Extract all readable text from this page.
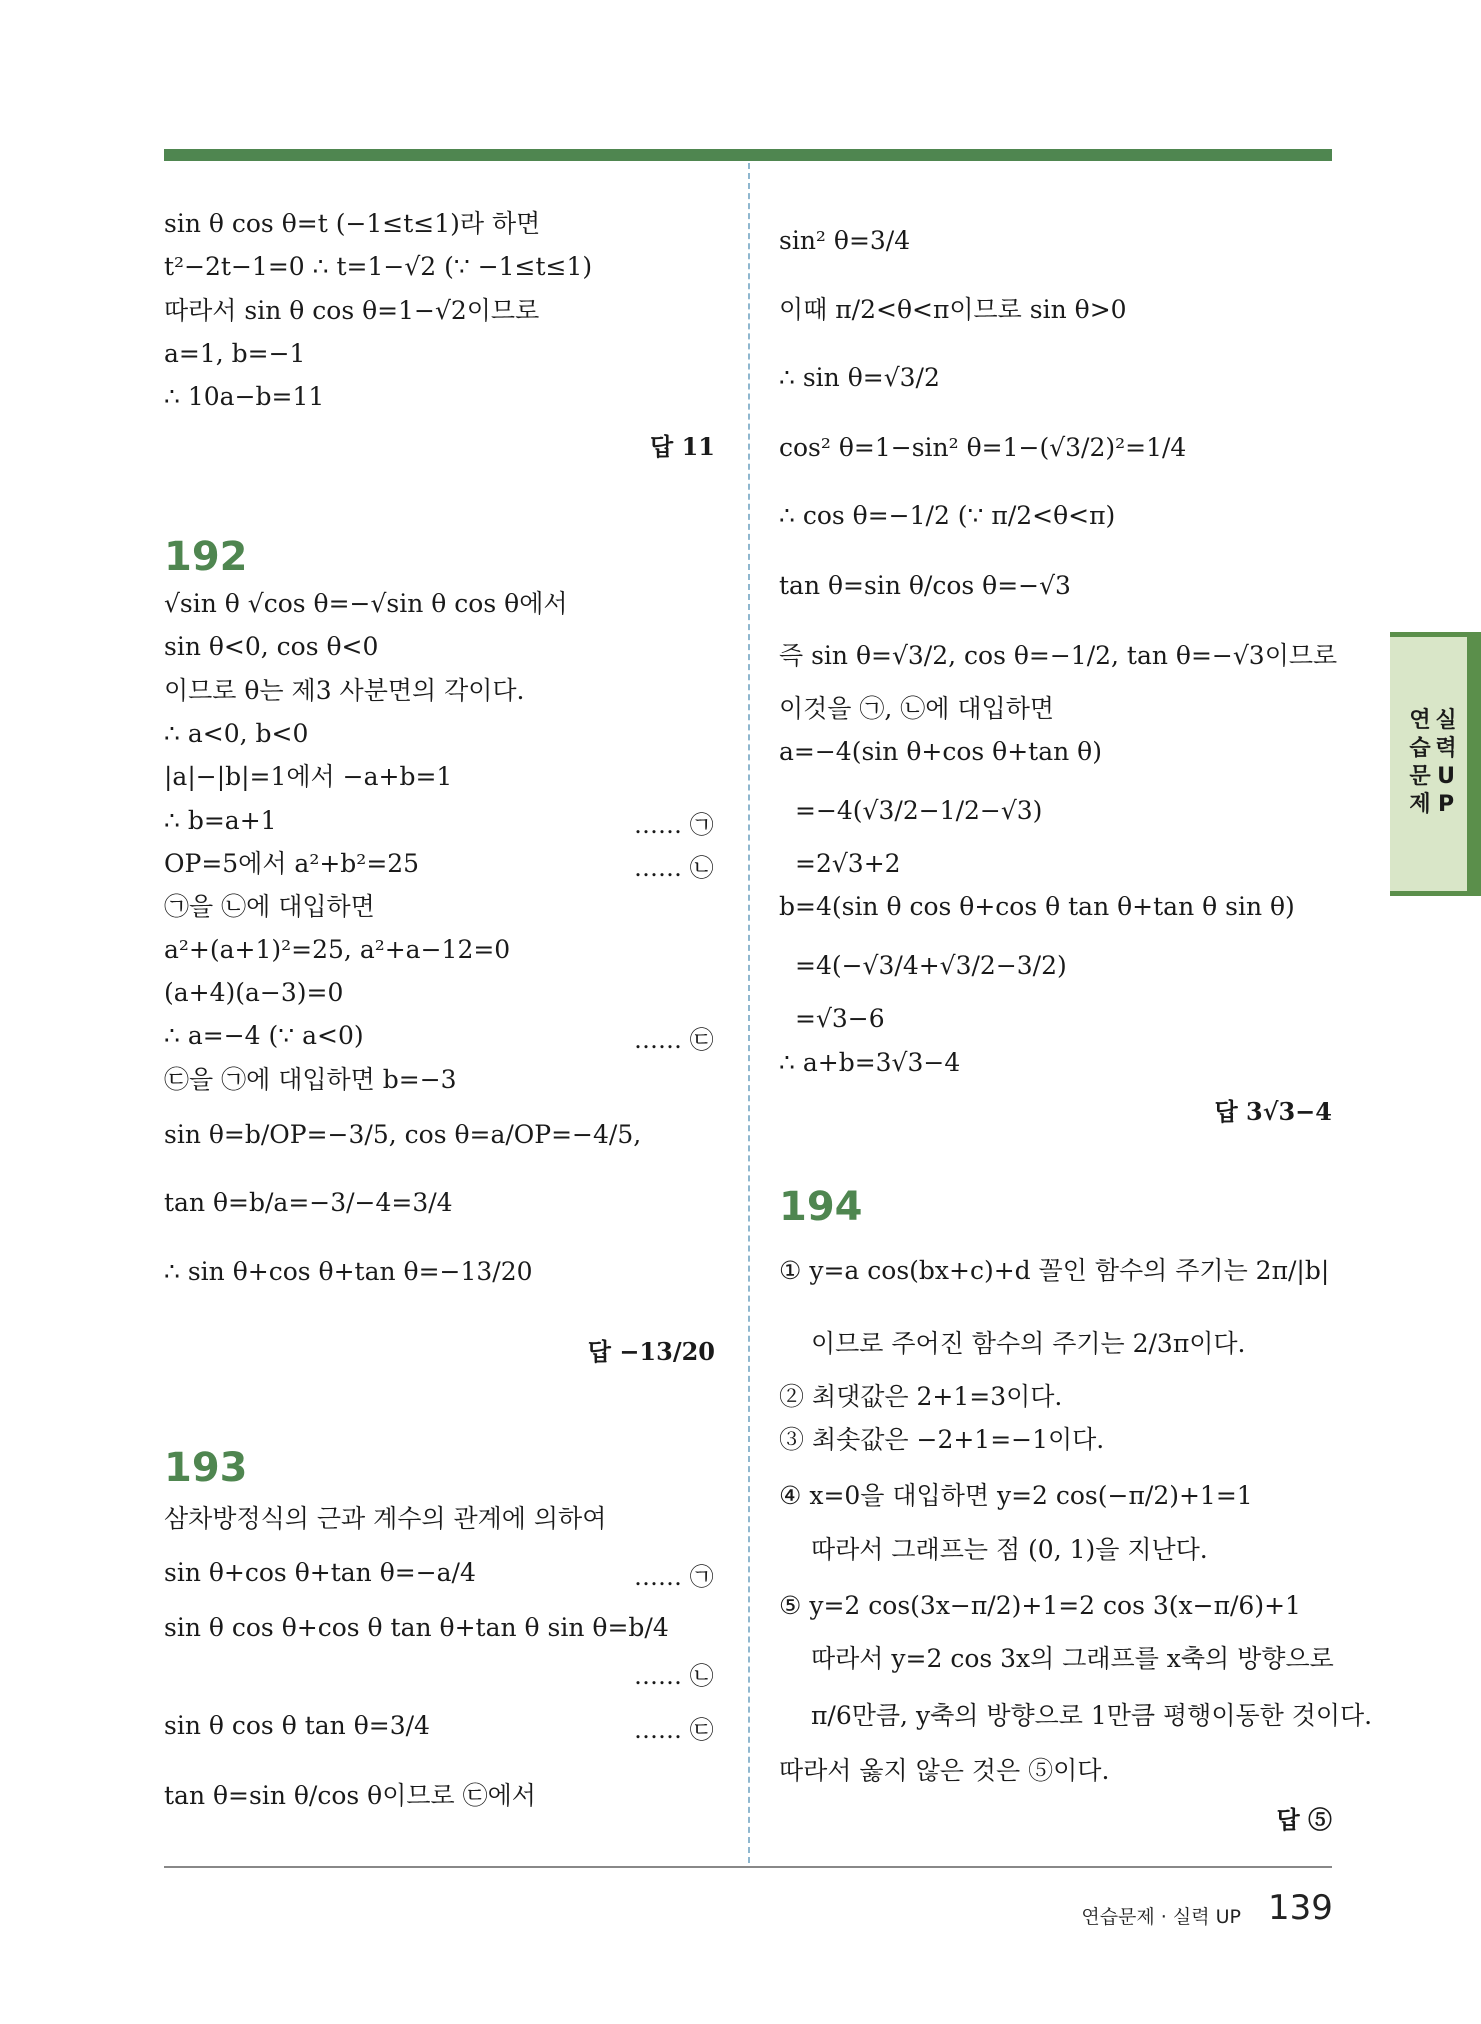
sin θ cos θ=t (−1≤t≤1)라 하면
t²−2t−1=0 ∴ t=1−√2 (∵ −1≤t≤1)
따라서 sin θ cos θ=1−√2이므로
a=1, b=−1
∴ 10a−b=11
답 11
192
√sin θ √cos θ=−√sin θ cos θ에서
sin θ<0, cos θ<0
이므로 θ는 제3 사분면의 각이다.
∴ a<0, b<0
|a|−|b|=1에서 −a+b=1
∴ b=a+1	…… ㉠
OP=5에서 a²+b²=25	…… ㉡
㉠을 ㉡에 대입하면
a²+(a+1)²=25, a²+a−12=0
(a+4)(a−3)=0
∴ a=−4 (∵ a<0)	…… ㉢
㉢을 ㉠에 대입하면 b=−3
sin θ=b/OP=−3/5, cos θ=a/OP=−4/5,
tan θ=b/a=−3/−4=3/4
∴ sin θ+cos θ+tan θ=−13/20
답 −13/20
193
삼차방정식의 근과 계수의 관계에 의하여
sin θ+cos θ+tan θ=−a/4	…… ㉠
sin θ cos θ+cos θ tan θ+tan θ sin θ=b/4
…… ㉡
sin θ cos θ tan θ=3/4	…… ㉢
tan θ=sin θ/cos θ이므로 ㉢에서
sin² θ=3/4
이때 π/2<θ<π이므로 sin θ>0
∴ sin θ=√3/2
cos² θ=1−sin² θ=1−(√3/2)²=1/4
∴ cos θ=−1/2 (∵ π/2<θ<π)
tan θ=sin θ/cos θ=−√3
즉 sin θ=√3/2, cos θ=−1/2, tan θ=−√3이므로
이것을 ㉠, ㉡에 대입하면
a=−4(sin θ+cos θ+tan θ)
=−4(√3/2−1/2−√3)
=2√3+2
b=4(sin θ cos θ+cos θ tan θ+tan θ sin θ)
=4(−√3/4+√3/2−3/2)
=√3−6
∴ a+b=3√3−4
답 3√3−4
194
① y=a cos(bx+c)+d 꼴인 함수의 주기는 2π/|b|
이므로 주어진 함수의 주기는 2/3π이다.
② 최댓값은 2+1=3이다.
③ 최솟값은 −2+1=−1이다.
④ x=0을 대입하면 y=2 cos(−π/2)+1=1
따라서 그래프는 점 (0, 1)을 지난다.
⑤ y=2 cos(3x−π/2)+1=2 cos 3(x−π/6)+1
따라서 y=2 cos 3x의 그래프를 x축의 방향으로
π/6만큼, y축의 방향으로 1만큼 평행이동한 것이다.
따라서 옳지 않은 것은 ⑤이다.
답 ⑤
연
습
문
제
실
력
U
P
연습문제 · 실력 UP 139
